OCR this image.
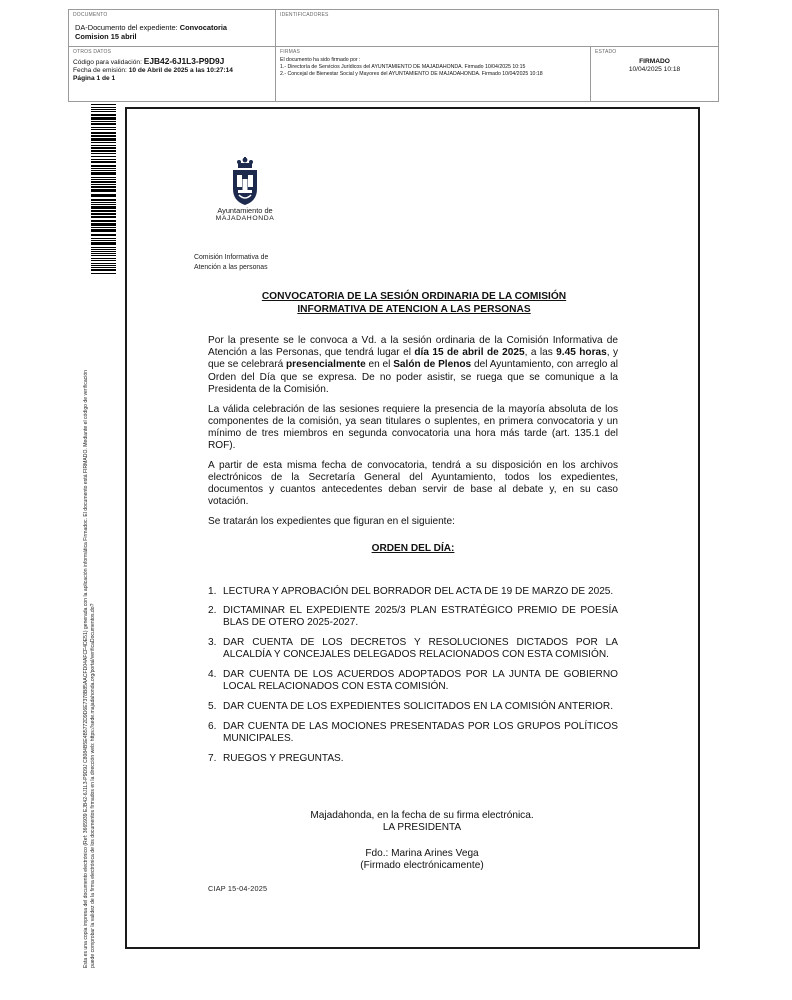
DOCUMENTO
DA-Documento del expediente: Convocatoria
Comision 15 abril
IDENTIFICADORES
OTROS DATOS
Código para validación: EJB42-6J1L3-P9D9J
Fecha de emisión: 10 de Abril de 2025 a las 10:27:14
Página 1 de 1
FIRMAS
El documento ha sido firmado por :
1.- Directoría de Servicios Jurídicos del AYUNTAMIENTO DE MAJADAHONDA. Firmado 10/04/2025 10:15
2.- Concejal de Bienestar Social y Mayores del AYUNTAMIENTO DE MAJADAHONDA. Firmado 10/04/2025 10:18
ESTADO
FIRMADO
10/04/2025 10:18
Esta es una copia impresa del documento electrónico (Ref: 3665939 EJB42-6J1L3-P9D9J C8084B5E4B5772D9D6E7378B85AACFD04AFCF4DE51) generada con la aplicación informática Firmadoc. El documento está FIRMADO. Mediante el código de verificación puede comprobar la validez de la firma electrónica de los documentos firmados en la dirección web: https://sede.majadahonda.org/portal/verificaDocumentos.do?
Ayuntamiento de
MAJADAHONDA
Comisión Informativa de
Atención a las personas
CONVOCATORIA DE LA SESIÓN ORDINARIA DE LA COMISIÓN
INFORMATIVA DE ATENCION A LAS PERSONAS

Por la presente se le convoca a Vd. a la sesión ordinaria de la Comisión Informativa de Atención a las Personas, que tendrá lugar el día 15 de abril de 2025, a las 9.45 horas, y que se celebrará presencialmente en el Salón de Plenos del Ayuntamiento, con arreglo al Orden del Día que se expresa. De no poder asistir, se ruega que se comunique a la Presidenta de la Comisión.

La válida celebración de las sesiones requiere la presencia de la mayoría absoluta de los componentes de la comisión, ya sean titulares o suplentes, en primera convocatoria y un mínimo de tres miembros en segunda convocatoria una hora más tarde (art. 135.1 del ROF).

A partir de esta misma fecha de convocatoria, tendrá a su disposición en los archivos electrónicos de la Secretaría General del Ayuntamiento, todos los expedientes, documentos y cuantos antecedentes deban servir de base al debate y, en su caso votación.

Se tratarán los expedientes que figuran en el siguiente:

ORDEN DEL DÍA:

1. LECTURA Y APROBACIÓN DEL BORRADOR DEL ACTA DE 19 DE MARZO DE 2025.
2. DICTAMINAR EL EXPEDIENTE 2025/3 PLAN ESTRATÉGICO PREMIO DE POESÍA BLAS DE OTERO 2025-2027.
3. DAR CUENTA DE LOS DECRETOS Y RESOLUCIONES DICTADOS POR LA ALCALDÍA Y CONCEJALES DELEGADOS RELACIONADOS CON ESTA COMISIÓN.
4. DAR CUENTA DE LOS ACUERDOS ADOPTADOS POR LA JUNTA DE GOBIERNO LOCAL RELACIONADOS CON ESTA COMISIÓN.
5. DAR CUENTA DE LOS EXPEDIENTES SOLICITADOS EN LA COMISIÓN ANTERIOR.
6. DAR CUENTA DE LAS MOCIONES PRESENTADAS POR LOS GRUPOS POLÍTICOS MUNICIPALES.
7. RUEGOS Y PREGUNTAS.
Majadahonda, en la fecha de su firma electrónica.
LA PRESIDENTA
Fdo.: Marina Arines Vega
(Firmado electrónicamente)
CIAP 15-04-2025
